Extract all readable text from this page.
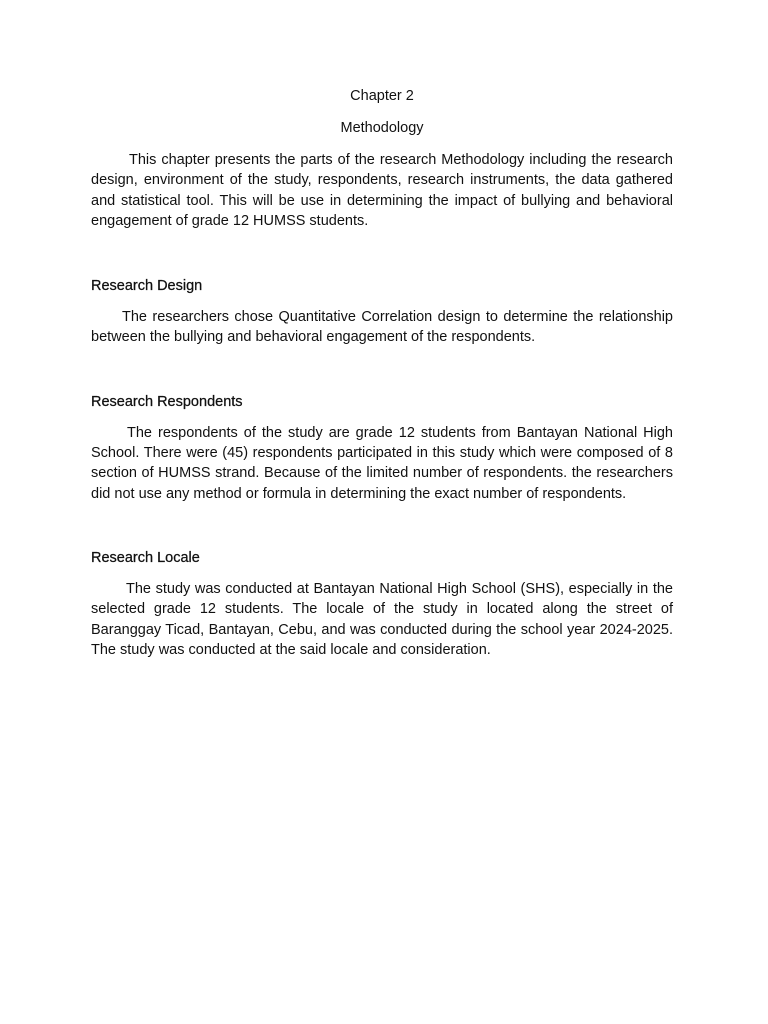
Chapter 2
Methodology

This chapter presents the parts of the research Methodology including the research design, environment of the study, respondents, research instruments, the data gathered and statistical tool. This will be use in determining the impact of bullying and behavioral engagement of grade 12 HUMSS students.

Research Design

The researchers chose Quantitative Correlation design to determine the relationship between the bullying and behavioral engagement of the respondents.

Research Respondents

The respondents of the study are grade 12 students from Bantayan National High School. There were (45) respondents participated in this study which were composed of 8 section of HUMSS strand. Because of the limited number of respondents. the researchers did not use any method or formula in determining the exact number of respondents.

Research Locale

The study was conducted at Bantayan National High School (SHS), especially in the selected grade 12 students. The locale of the study in located along the street of Baranggay Ticad, Bantayan, Cebu, and was conducted during the school year 2024-2025. The study was conducted at the said locale and consideration.
